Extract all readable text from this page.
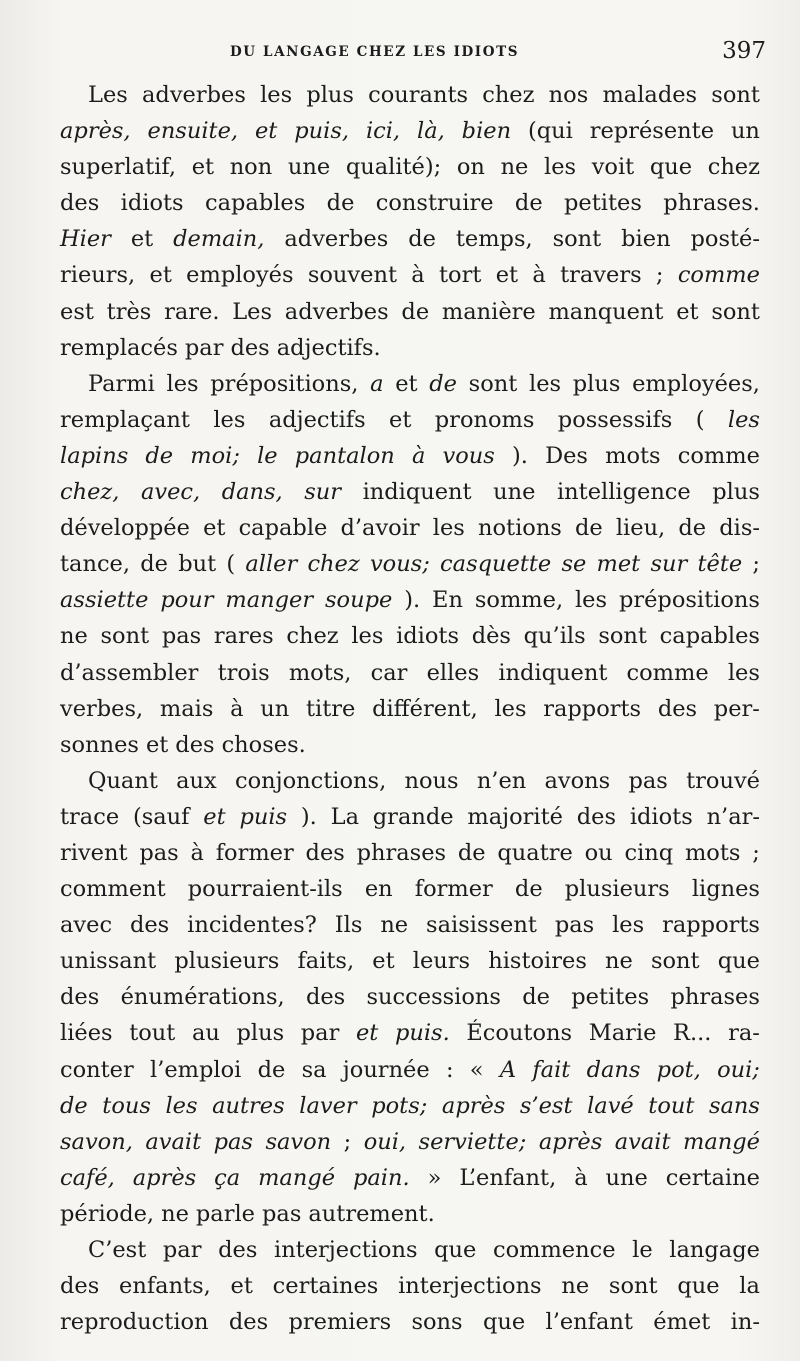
DU LANGAGE CHEZ LES IDIOTS	397
Les adverbes les plus courants chez nos malades sont
après, ensuite, et puis, ici, là, bien (qui représente un
superlatif, et non une qualité); on ne les voit que chez
des idiots capables de construire de petites phrases.
Hier et demain, adverbes de temps, sont bien posté-
rieurs, et employés souvent à tort et à travers ; comme
est très rare. Les adverbes de manière manquent et sont
remplacés par des adjectifs.
Parmi les prépositions, a et de sont les plus employées,
remplaçant les adjectifs et pronoms possessifs ( les
lapins de moi; le pantalon à vous ). Des mots comme
chez, avec, dans, sur indiquent une intelligence plus
développée et capable d’avoir les notions de lieu, de dis-
tance, de but ( aller chez vous; casquette se met sur tête ;
assiette pour manger soupe ). En somme, les prépositions
ne sont pas rares chez les idiots dès qu’ils sont capables
d’assembler trois mots, car elles indiquent comme les
verbes, mais à un titre différent, les rapports des per-
sonnes et des choses.
Quant aux conjonctions, nous n’en avons pas trouvé
trace (sauf et puis ). La grande majorité des idiots n’ar-
rivent pas à former des phrases de quatre ou cinq mots ;
comment pourraient-ils en former de plusieurs lignes
avec des incidentes? Ils ne saisissent pas les rapports
unissant plusieurs faits, et leurs histoires ne sont que
des énumérations, des successions de petites phrases
liées tout au plus par et puis. Écoutons Marie R... ra-
conter l’emploi de sa journée : « A fait dans pot, oui;
de tous les autres laver pots; après s’est lavé tout sans
savon, avait pas savon ; oui, serviette; après avait mangé
café, après ça mangé pain. » L’enfant, à une certaine
période, ne parle pas autrement.
C’est par des interjections que commence le langage
des enfants, et certaines interjections ne sont que la
reproduction des premiers sons que l’enfant émet in-
